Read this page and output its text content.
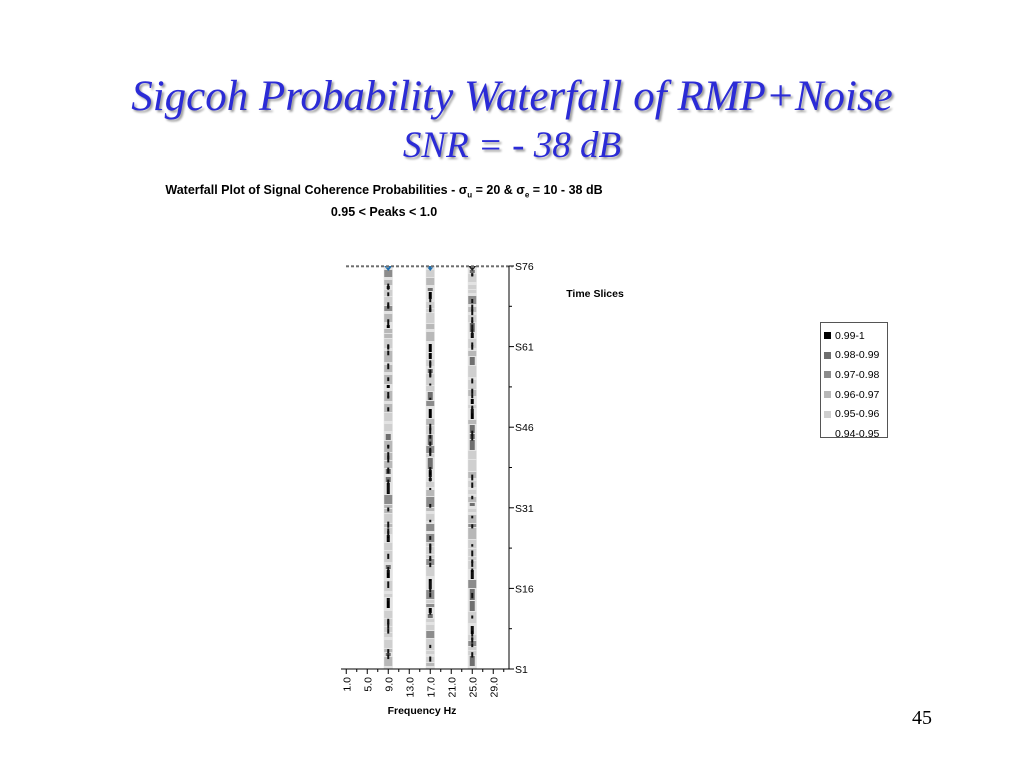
Sigcoh Probability Waterfall of RMP+Noise
SNR = - 38 dB
Waterfall Plot of Signal Coherence Probabilities - $\sigma_u = 20$ & $\sigma_e = 10 - 38$ dB
0.95 < Peaks < 1.0
1.0 5.0 9.0 13.0 17.0 21.0 25.0 29.0
S1
S16
S31
S46
S61
S76
Frequency Hz
Time Slices
0.99-1
0.98-0.99
0.97-0.98
0.96-0.97
0.95-0.96
0.94-0.95
45
